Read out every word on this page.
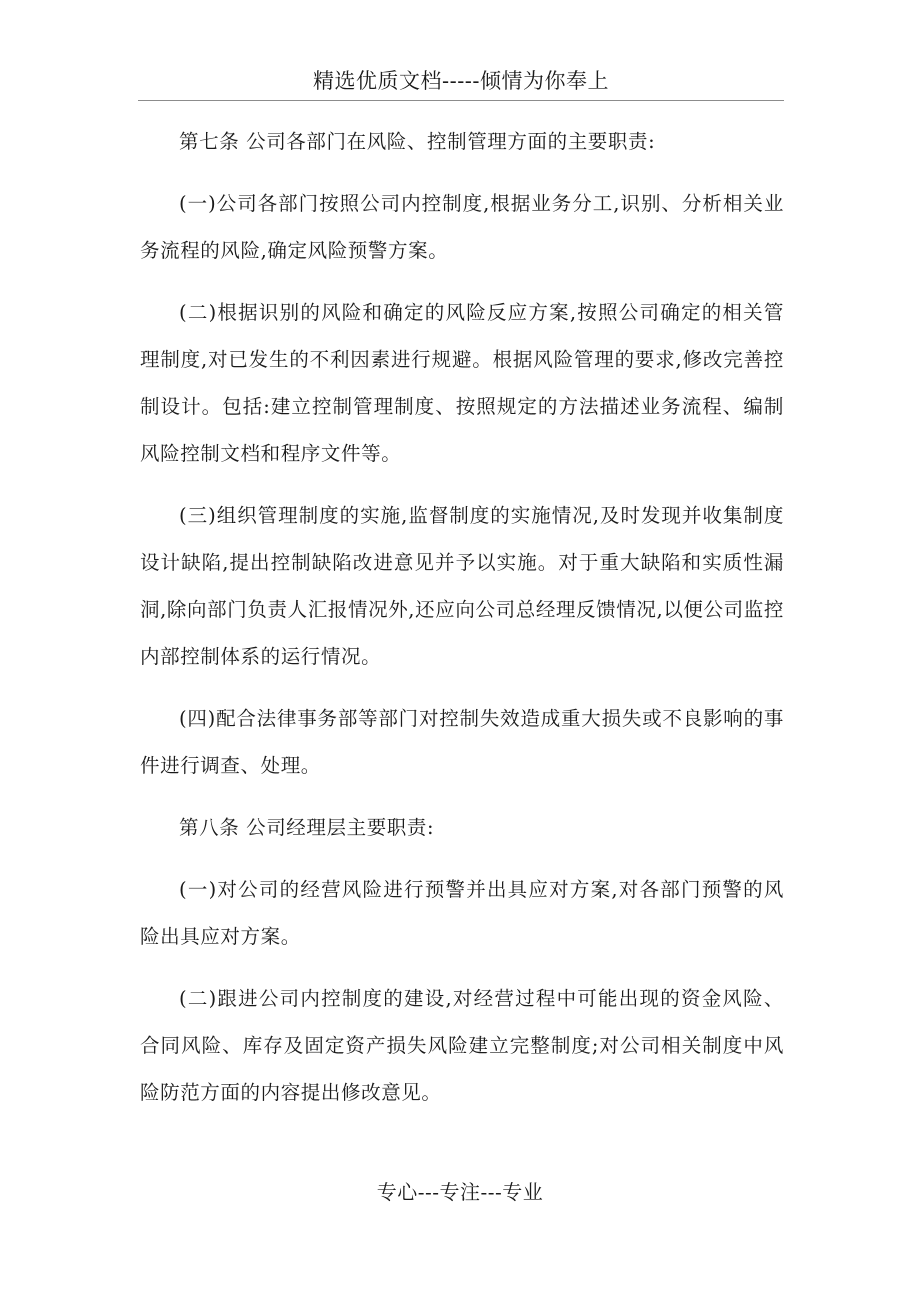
精选优质文档-----倾情为你奉上

第七条 公司各部门在风险、控制管理方面的主要职责:

(一)公司各部门按照公司内控制度,根据业务分工,识别、分析相关业务流程的风险,确定风险预警方案。

(二)根据识别的风险和确定的风险反应方案,按照公司确定的相关管理制度,对已发生的不利因素进行规避。根据风险管理的要求,修改完善控制设计。包括:建立控制管理制度、按照规定的方法描述业务流程、编制风险控制文档和程序文件等。

(三)组织管理制度的实施,监督制度的实施情况,及时发现并收集制度设计缺陷,提出控制缺陷改进意见并予以实施。对于重大缺陷和实质性漏洞,除向部门负责人汇报情况外,还应向公司总经理反馈情况,以便公司监控内部控制体系的运行情况。

(四)配合法律事务部等部门对控制失效造成重大损失或不良影响的事件进行调查、处理。

第八条 公司经理层主要职责:

(一)对公司的经营风险进行预警并出具应对方案,对各部门预警的风险出具应对方案。

(二)跟进公司内控制度的建设,对经营过程中可能出现的资金风险、合同风险、库存及固定资产损失风险建立完整制度;对公司相关制度中风险防范方面的内容提出修改意见。

专心---专注---专业
